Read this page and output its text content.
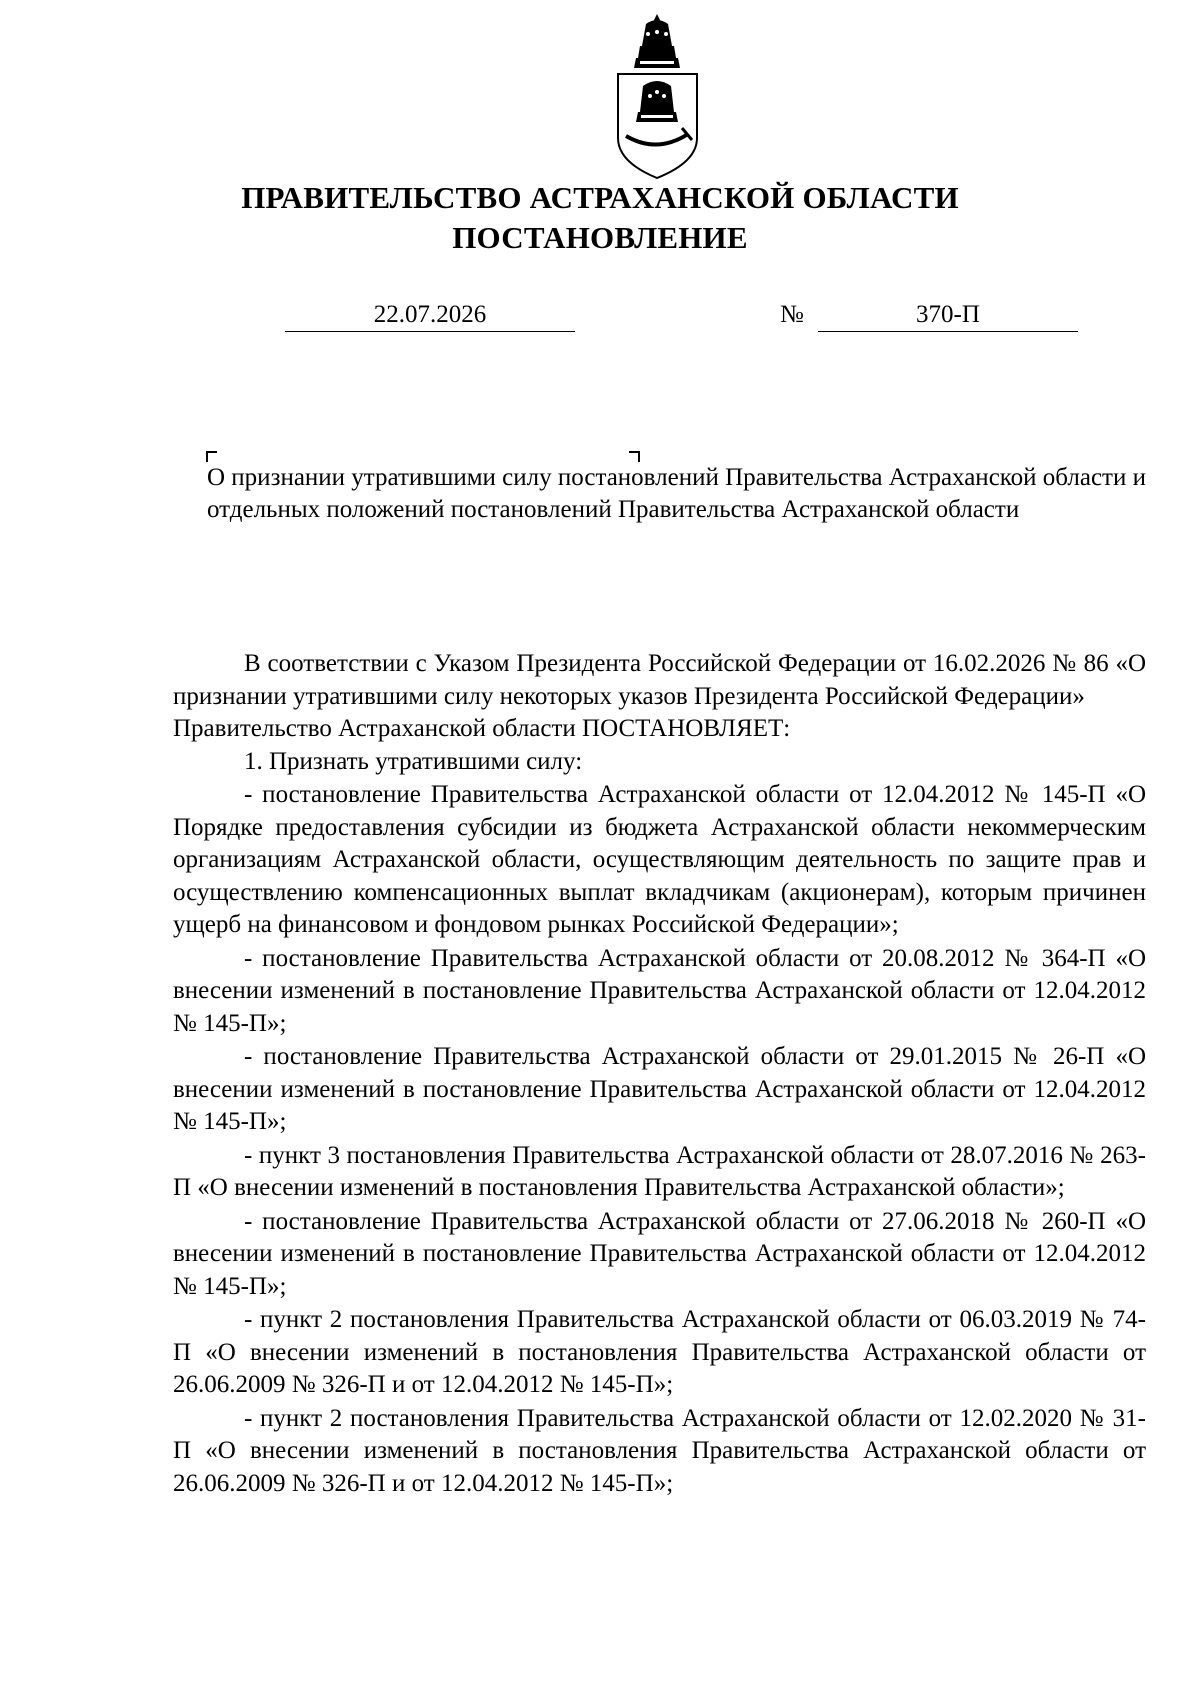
ПРАВИТЕЛЬСТВО АСТРАХАНСКОЙ ОБЛАСТИ
ПОСТАНОВЛЕНИЕ
22.07.2026	№	370-П
О признании утратившими силу постановлений Правительства Астраханской области и отдельных положений постановлений Правительства Астраханской области

В соответствии с Указом Президента Российской Федерации от 16.02.2026 № 86 «О признании утратившими силу некоторых указов Президента Российской Федерации»

Правительство Астраханской области ПОСТАНОВЛЯЕТ:

1. Признать утратившими силу:

- постановление Правительства Астраханской области от 12.04.2012 № 145-П «О Порядке предоставления субсидии из бюджета Астраханской области некоммерческим организациям Астраханской области, осуществляющим деятельность по защите прав и осуществлению компенсационных выплат вкладчикам (акционерам), которым причинен ущерб на финансовом и фондовом рынках Российской Федерации»;

- постановление Правительства Астраханской области от 20.08.2012 № 364-П «О внесении изменений в постановление Правительства Астраханской области от 12.04.2012 № 145-П»;

- постановление Правительства Астраханской области от 29.01.2015 № 26-П «О внесении изменений в постановление Правительства Астраханской области от 12.04.2012 № 145-П»;

- пункт 3 постановления Правительства Астраханской области от 28.07.2016 № 263-П «О внесении изменений в постановления Правительства Астраханской области»;

- постановление Правительства Астраханской области от 27.06.2018 № 260-П «О внесении изменений в постановление Правительства Астраханской области от 12.04.2012 № 145-П»;

- пункт 2 постановления Правительства Астраханской области от 06.03.2019 № 74-П «О внесении изменений в постановления Правительства Астраханской области от 26.06.2009 № 326-П и от 12.04.2012 № 145-П»;

- пункт 2 постановления Правительства Астраханской области от 12.02.2020 № 31-П «О внесении изменений в постановления Правительства Астраханской области от 26.06.2009 № 326-П и от 12.04.2012 № 145-П»;
